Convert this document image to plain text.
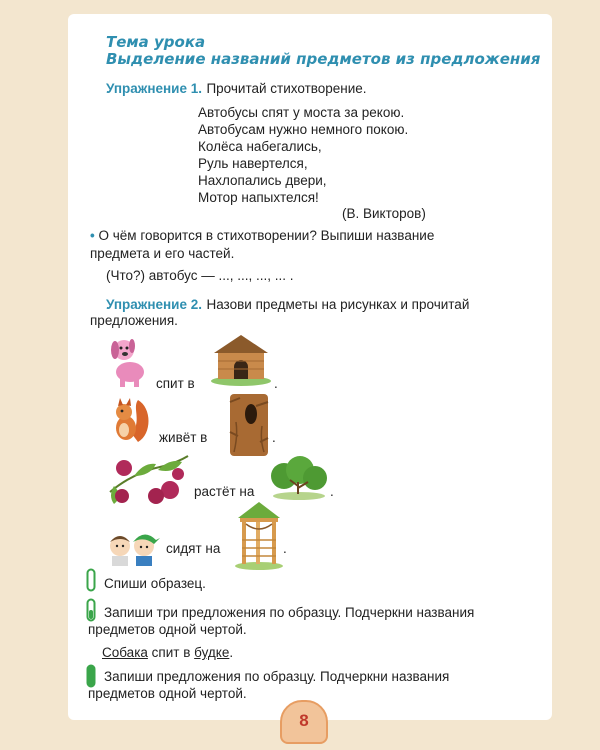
Тема урока
Выделение названий предметов из предложения
Упражнение 1. Прочитай стихотворение.
Автобусы спят у моста за рекою.
Автобусам нужно немного покою.
Колёса набегались,
Руль навертелся,
Нахлопались двери,
Мотор напыхтелся!
(В. Викторов)
• О чём говорится в стихотворении? Выпиши название
предмета и его частей.
(Что?) автобус — ..., ..., ..., ... .
Упражнение 2. Назови предметы на рисунках и прочитай
предложения.
спит в	.
живёт в	.
растёт на	.
сидят на	.
Спиши образец.
Запиши три предложения по образцу. Подчеркни названия
предметов одной чертой.
Собака спит в будке.
Запиши предложения по образцу. Подчеркни названия
предметов одной чертой.
8
